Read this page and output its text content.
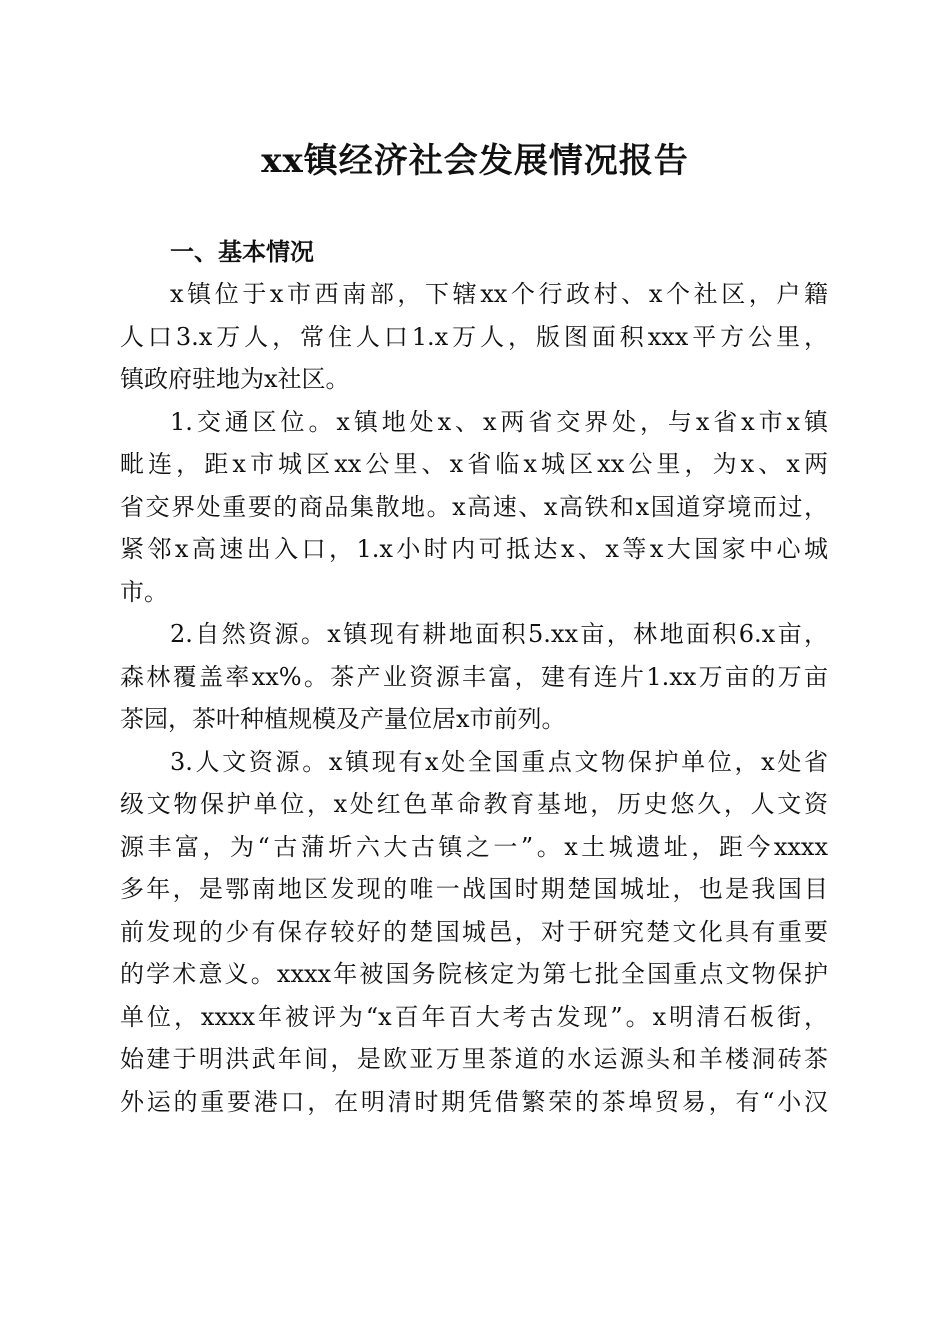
xx镇经济社会发展情况报告
一、基本情况

x镇位于x市西南部，下辖xx个行政村、x个社区，户籍
人口3.x万人，常住人口1.x万人，版图面积xxx平方公里，
镇政府驻地为x社区。

1.交通区位。x镇地处x、x两省交界处，与x省x市x镇
毗连，距x市城区xx公里、x省临x城区xx公里，为x、x两
省交界处重要的商品集散地。x高速、x高铁和x国道穿境而过，
紧邻x高速出入口，1.x小时内可抵达x、x等x大国家中心城
市。

2.自然资源。x镇现有耕地面积5.xx亩，林地面积6.x亩，
森林覆盖率xx%。茶产业资源丰富，建有连片1.xx万亩的万亩
茶园，茶叶种植规模及产量位居x市前列。

3.人文资源。x镇现有x处全国重点文物保护单位，x处省
级文物保护单位，x处红色革命教育基地，历史悠久，人文资
源丰富，为“古蒲圻六大古镇之一”。x土城遗址，距今xxxx
多年，是鄂南地区发现的唯一战国时期楚国城址，也是我国目
前发现的少有保存较好的楚国城邑，对于研究楚文化具有重要
的学术意义。xxxx年被国务院核定为第七批全国重点文物保护
单位，xxxx年被评为“x百年百大考古发现”。x明清石板街，
始建于明洪武年间，是欧亚万里茶道的水运源头和羊楼洞砖茶
外运的重要港口，在明清时期凭借繁荣的茶埠贸易，有“小汉
